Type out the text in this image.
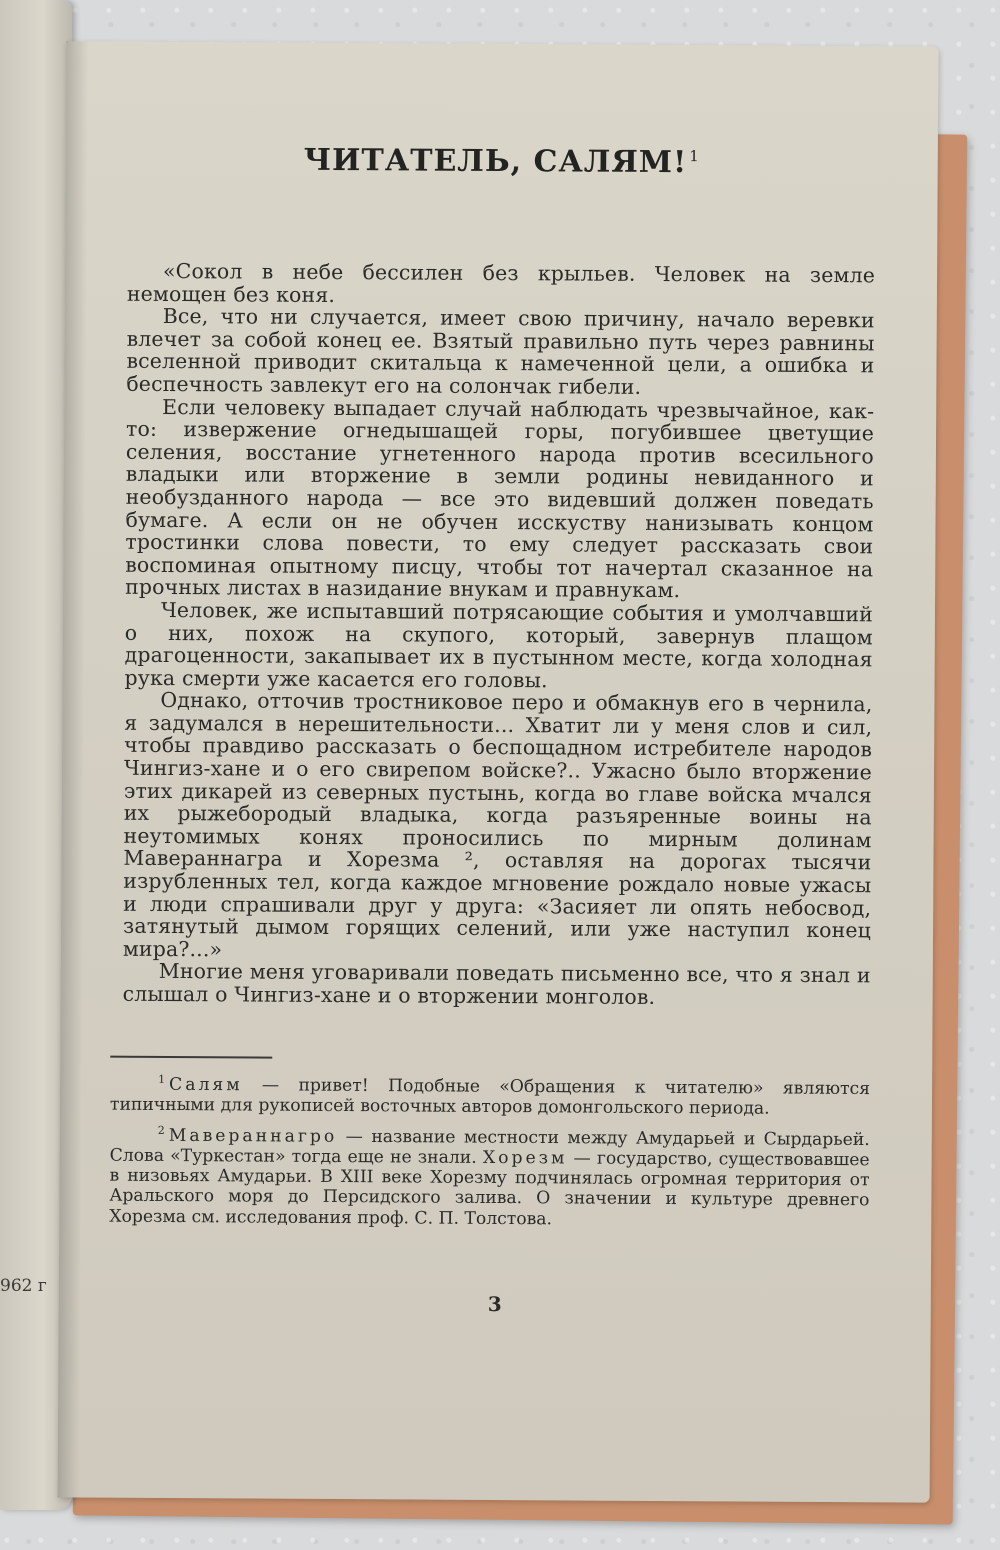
962 г
ЧИТАТЕЛЬ, САЛЯМ! $^1$

«Сокол в небе бессилен без крыльев. Человек на земле немощен без коня.

Все, что ни случается, имеет свою причину, начало веревки влечет за собой конец ее. Взятый правильно путь через равнины вселенной приводит скитальца к намеченной цели, а ошибка и беспечность завлекут его на солончак гибели.

Если человеку выпадает случай наблюдать чрезвычайное, как-то: извержение огнедышащей горы, погубившее цветущие селения, восстание угнетенного народа против всесильного владыки или вторжение в земли родины невиданного и необузданного народа — все это видевший должен поведать бумаге. А если он не обучен исскуству нанизывать концом тростинки слова повести, то ему следует рассказать свои воспоминая опытному писцу, чтобы тот начертал сказанное на прочных листах в назидание внукам и правнукам.

Человек, же испытавший потрясающие события и умолчавший о них, похож на скупого, который, завернув плащом драгоценности, закапывает их в пустынном месте, когда холодная рука смерти уже касается его головы.

Однако, отточив тростниковое перо и обмакнув его в чернила, я задумался в нерешительности... Хватит ли у меня слов и сил, чтобы правдиво рассказать о беспощадном истребителе народов Чингиз-хане и о его свирепом войске?.. Ужасно было вторжение этих дикарей из северных пустынь, когда во главе войска мчался их рыжебородый владыка, когда разъяренные воины на неутомимых конях проносились по мирным долинам Мавераннагра и Хорезма ², оставляя на дорогах тысячи изрубленных тел, когда каждое мгновение рождало новые ужасы и люди спрашивали друг у друга: «Засияет ли опять небосвод, затянутый дымом горящих селений, или уже наступил конец мира?...»

Многие меня уговаривали поведать письменно все, что я знал и слышал о Чингиз-хане и о вторжении монголов.

$^1$ Салям — привет! Подобные «Обращения к читателю» являются типичными для рукописей восточных авторов домонгольского периода.

$^2$ Мавераннагро — название местности между Амударьей и Сырдарьей. Слова «Туркестан» тогда еще не знали. Хорезм — государство, существовавшее в низовьях Амударьи. В XIII веке Хорезму подчинялась огромная территория от Аральского моря до Персидского залива. О значении и культуре древнего Хорезма см. исследования проф. С. П. Толстова.

3
